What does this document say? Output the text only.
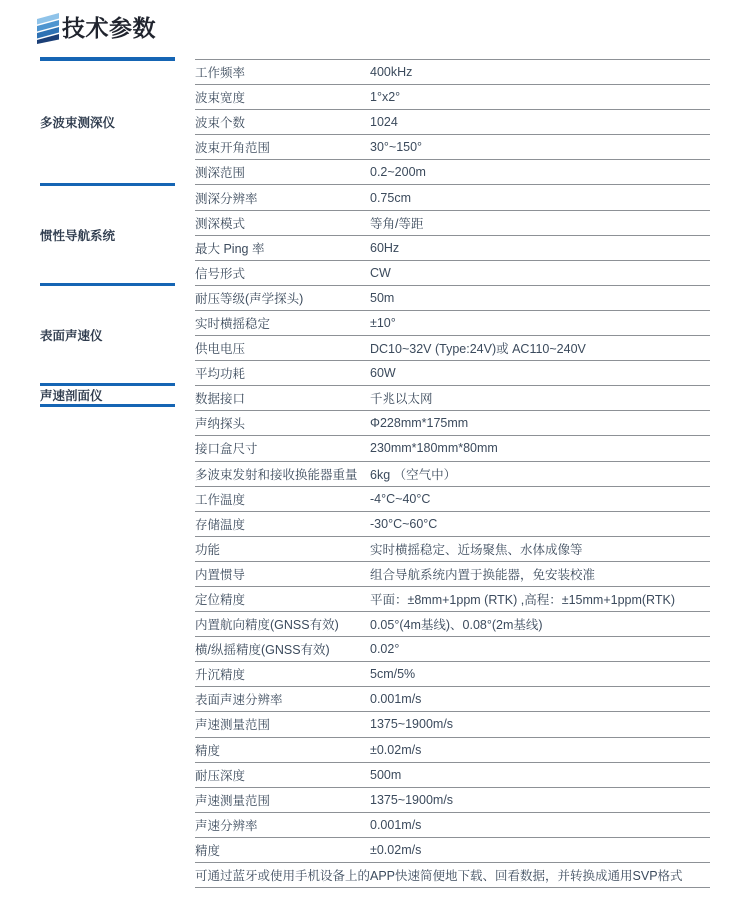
技术参数
多波束测深仪
惯性导航系统
表面声速仪
声速剖面仪
工作频率	400kHz
波束宽度	1°x2°
波束个数	1024
波束开角范围	30°~150°
测深范围	0.2~200m
测深分辨率	0.75cm
测深模式	等角/等距
最大 Ping 率	60Hz
信号形式	CW
耐压等级(声学探头)	50m
实时横摇稳定	±10°
供电电压	DC10~32V (Type:24V)或 AC110~240V
平均功耗	60W
数据接口	千兆以太网
声纳探头	Φ228mm*175mm
接口盒尺寸	230mm*180mm*80mm
多波束发射和接收换能器重量 6kg （空气中）
工作温度	-4°C~40°C
存储温度	-30°C~60°C
功能	实时横摇稳定、近场聚焦、水体成像等
内置惯导	组合导航系统内置于换能器，免安装校准
定位精度	平面：±8mm+1ppm (RTK) ,高程：±15mm+1ppm(RTK)
内置航向精度(GNSS有效)	0.05°(4m基线)、0.08°(2m基线)
横/纵摇精度(GNSS有效)	0.02°
升沉精度	5cm/5%
表面声速分辨率	0.001m/s
声速测量范围	1375~1900m/s
精度	±0.02m/s
耐压深度	500m
声速测量范围	1375~1900m/s
声速分辨率	0.001m/s
精度	±0.02m/s
可通过蓝牙或使用手机设备上的APP快速简便地下载、回看数据，并转换成通用SVP格式
